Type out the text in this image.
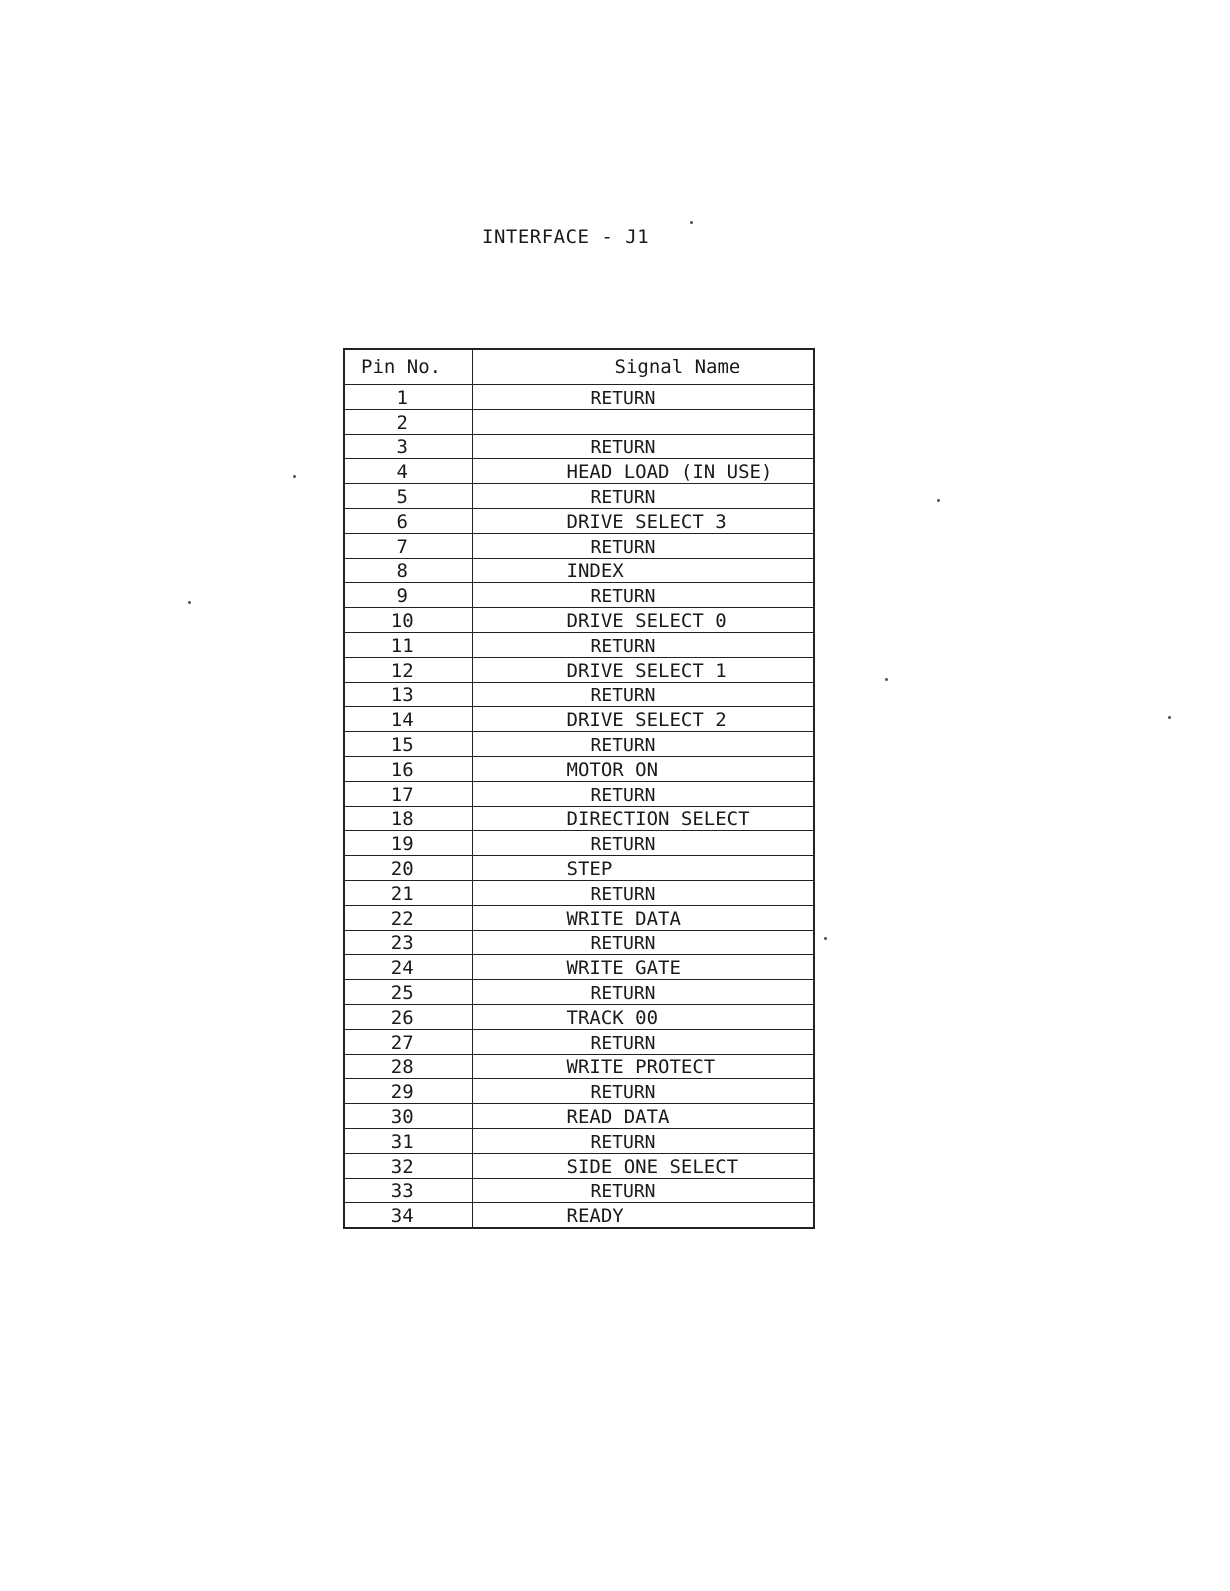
INTERFACE - J1
Pin No.	Signal Name
1	RETURN
2	
3	RETURN
4	HEAD LOAD (IN USE)
5	RETURN
6	DRIVE SELECT 3
7	RETURN
8	INDEX
9	RETURN
10	DRIVE SELECT 0
11	RETURN
12	DRIVE SELECT 1
13	RETURN
14	DRIVE SELECT 2
15	RETURN
16	MOTOR ON
17	RETURN
18	DIRECTION SELECT
19	RETURN
20	STEP
21	RETURN
22	WRITE DATA
23	RETURN
24	WRITE GATE
25	RETURN
26	TRACK 00
27	RETURN
28	WRITE PROTECT
29	RETURN
30	READ DATA
31	RETURN
32	SIDE ONE SELECT
33	RETURN
34	READY
